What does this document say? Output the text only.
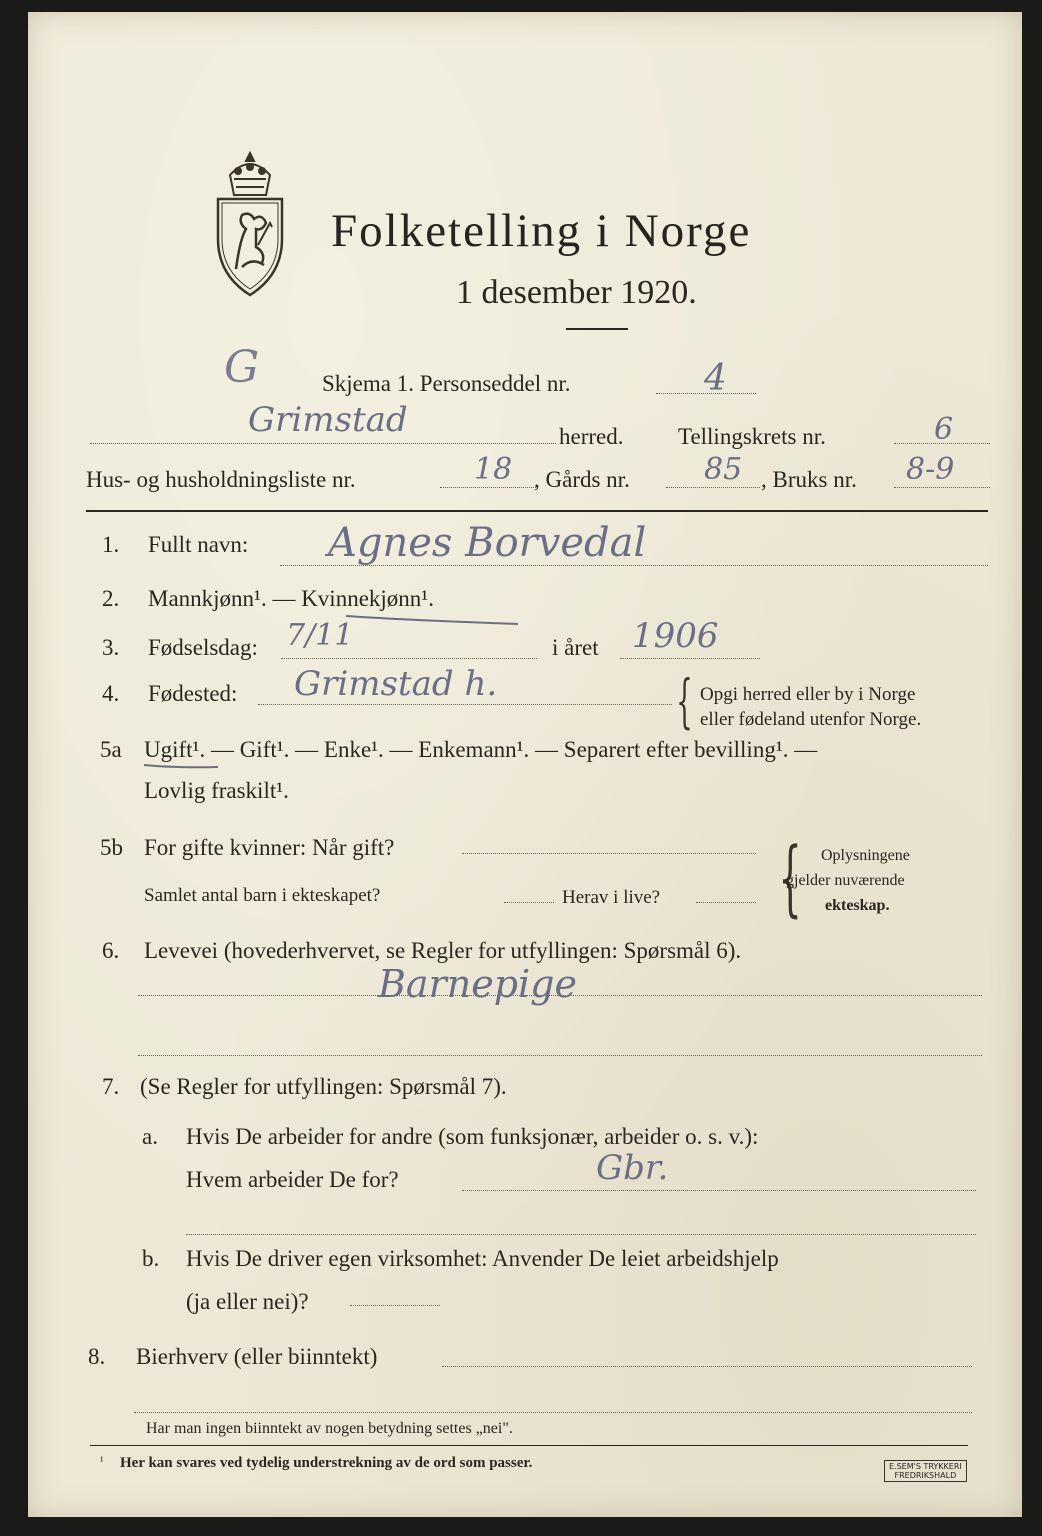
Folketelling i Norge
1 desember 1920.
G	Skjema 1. Personseddel nr.	4
Grimstad	herred. Tellingskrets nr.	6
Hus- og husholdningsliste nr.	18 , Gårds nr. 85 , Bruks nr. 8-9
1. Fullt navn: Agnes Borvedal
2. Mannkjønn¹. — Kvinnekjønn¹.
3. Fødselsdag: 7/11	i året 1906
4. Fødested: Grimstad h.	{ Opgi herred eller by i Norge
eller fødeland utenfor Norge.
5a Ugift¹. — Gift¹. — Enke¹. — Enkemann¹. — Separert efter bevilling¹. —
Lovlig fraskilt¹.
5b For gifte kvinner: Når gift?
Samlet antal barn i ekteskapet?	Herav i live? { Oplysningene
gjelder nuværende
ekteskap.
6. Levevei (hovederhvervet, se Regler for utfyllingen: Spørsmål 6).
Barnepige
7. (Se Regler for utfyllingen: Spørsmål 7).
a. Hvis De arbeider for andre (som funksjonær, arbeider o. s. v.):
Hvem arbeider De for?	Gbr.
b. Hvis De driver egen virksomhet: Anvender De leiet arbeidshjelp
(ja eller nei)?
8. Bierhverv (eller biinntekt)
Har man ingen biinntekt av nogen betydning settes „nei".
¹ Her kan svares ved tydelig understrekning av de ord som passer.	E.SEM'S TRYKKERI
FREDRIKSHALD
